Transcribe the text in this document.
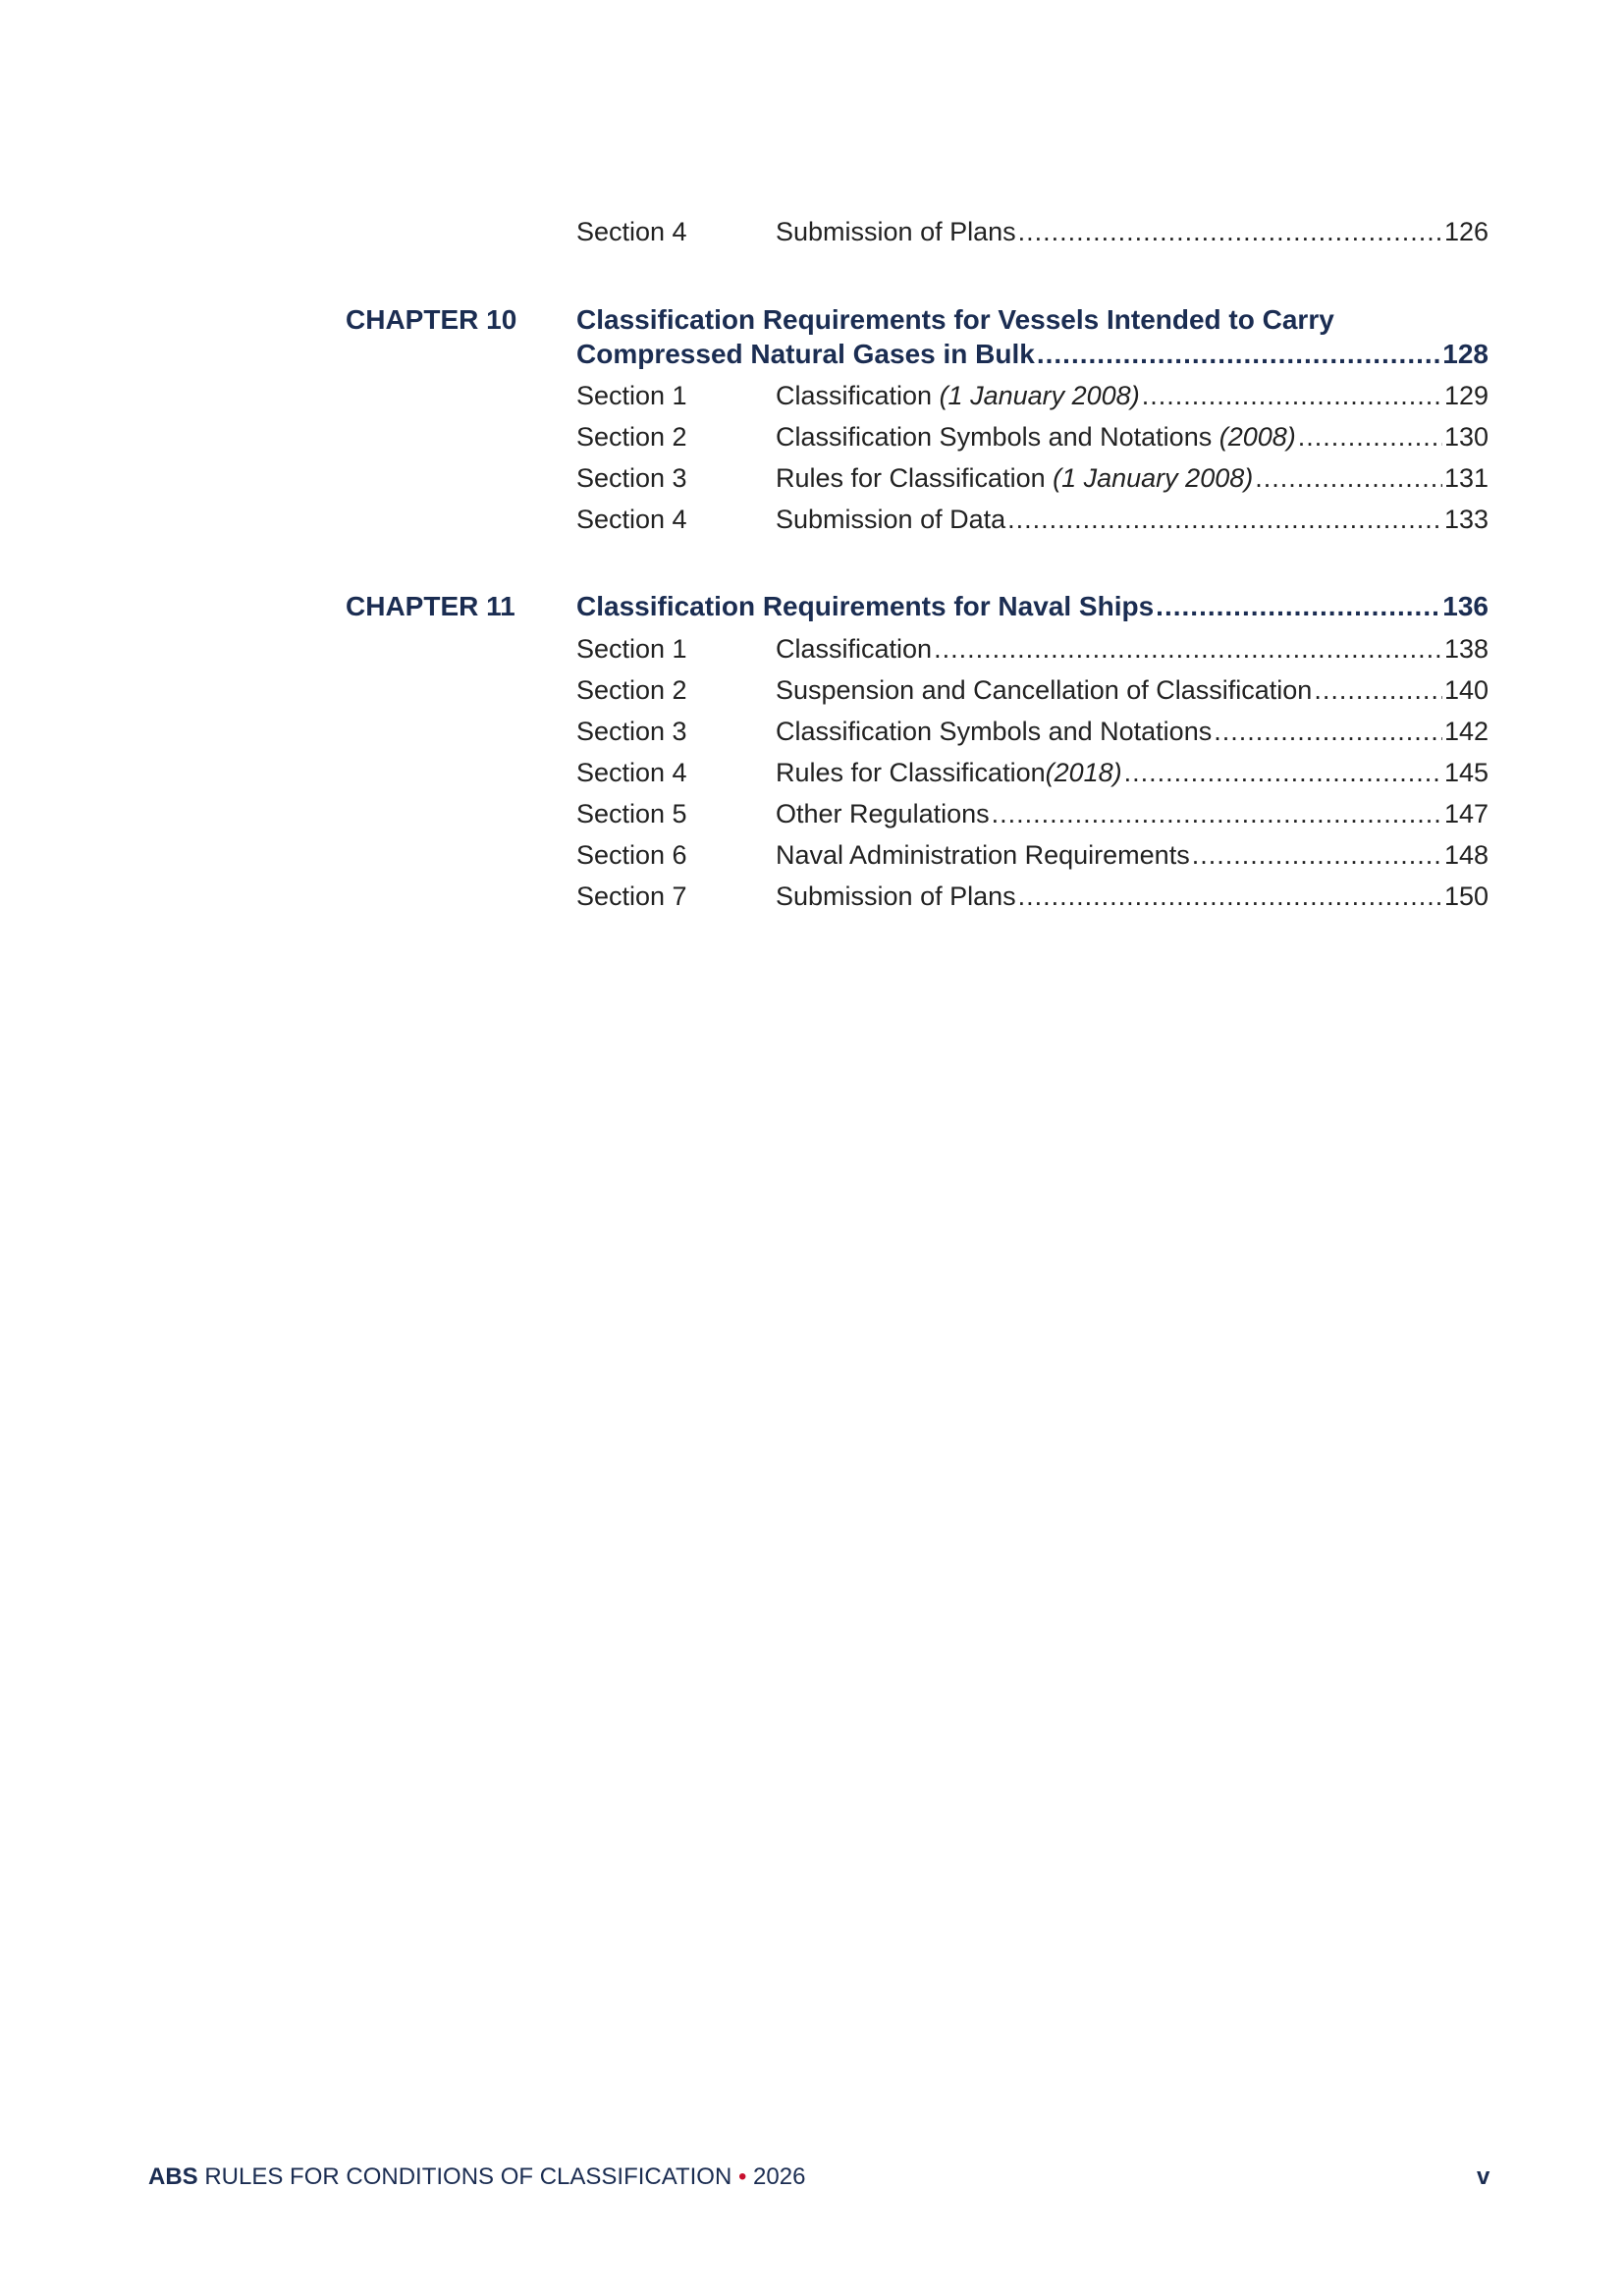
Section 4	Submission of Plans .....	126
CHAPTER 10 Classification Requirements for Vessels Intended to Carry
Compressed Natural Gases in Bulk .....	128
Section 1	Classification (1 January 2008) .....	129
Section 2	Classification Symbols and Notations (2008) .....	130
Section 3	Rules for Classification (1 January 2008) .....	131
Section 4	Submission of Data .....	133
CHAPTER 11 Classification Requirements for Naval Ships .....	136
Section 1	Classification .....	138
Section 2	Suspension and Cancellation of Classification .....	140
Section 3	Classification Symbols and Notations .....	142
Section 4	Rules for Classification(2018) .....	145
Section 5	Other Regulations .....	147
Section 6	Naval Administration Requirements .....	148
Section 7	Submission of Plans .....	150
ABS RULES FOR CONDITIONS OF CLASSIFICATION • 2026	v
